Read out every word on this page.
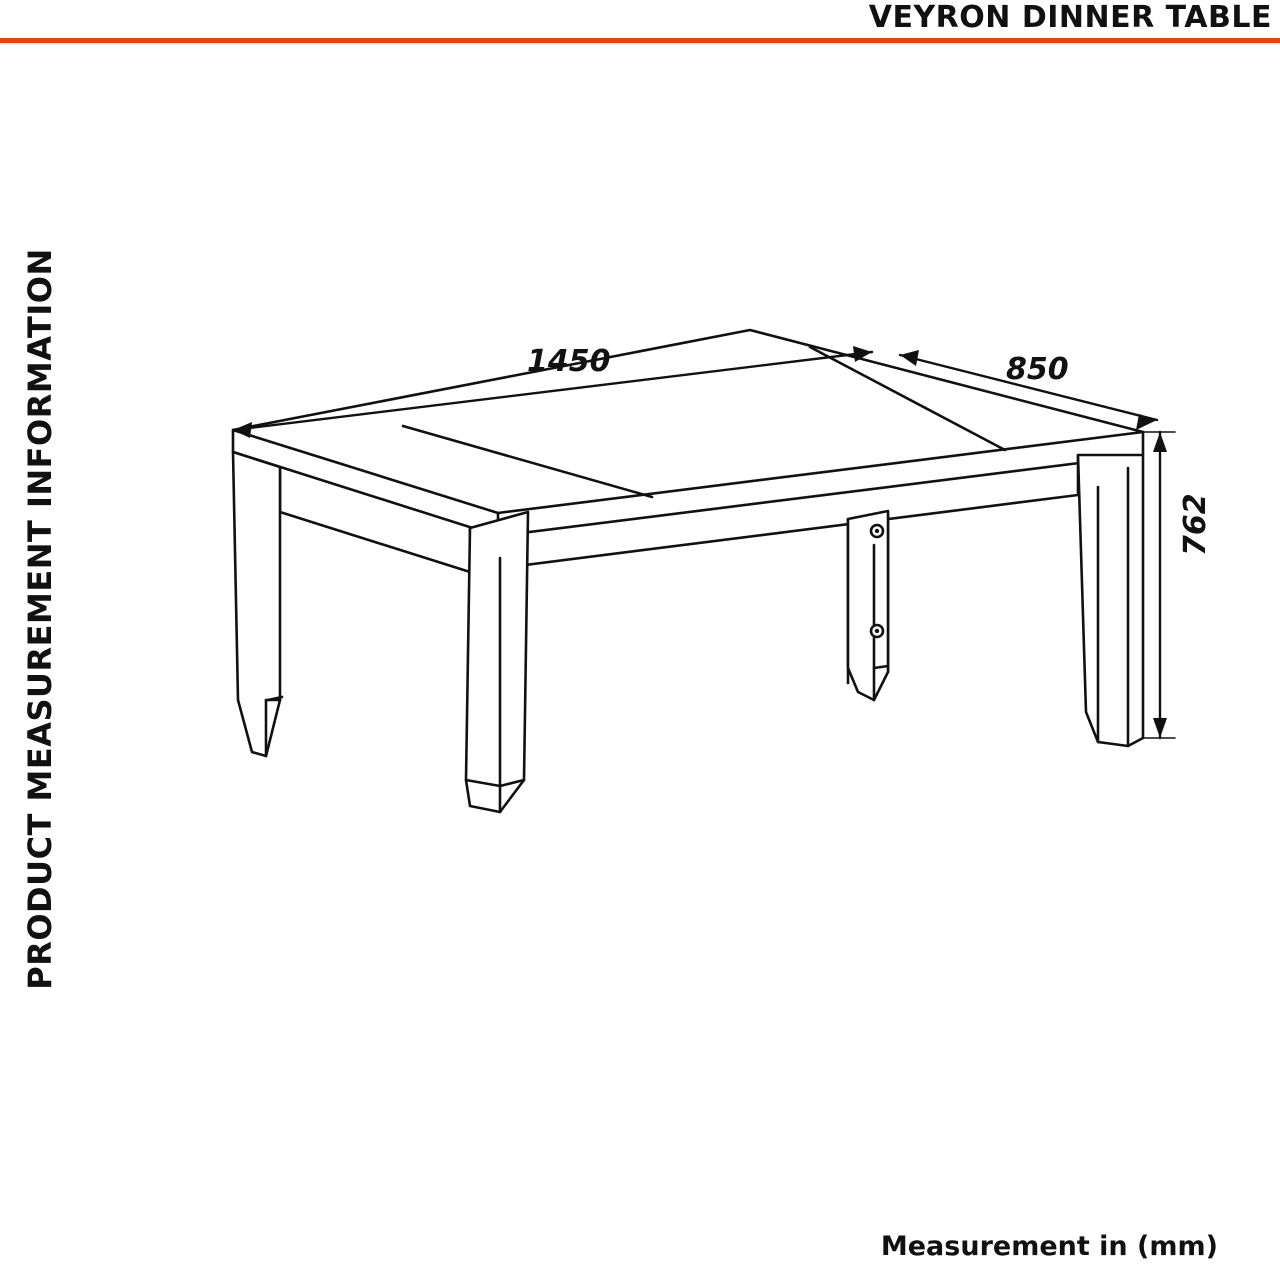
VEYRON DINNER TABLE
PRODUCT MEASUREMENT INFORMATION	1450	850
762
Measurement in (mm)
